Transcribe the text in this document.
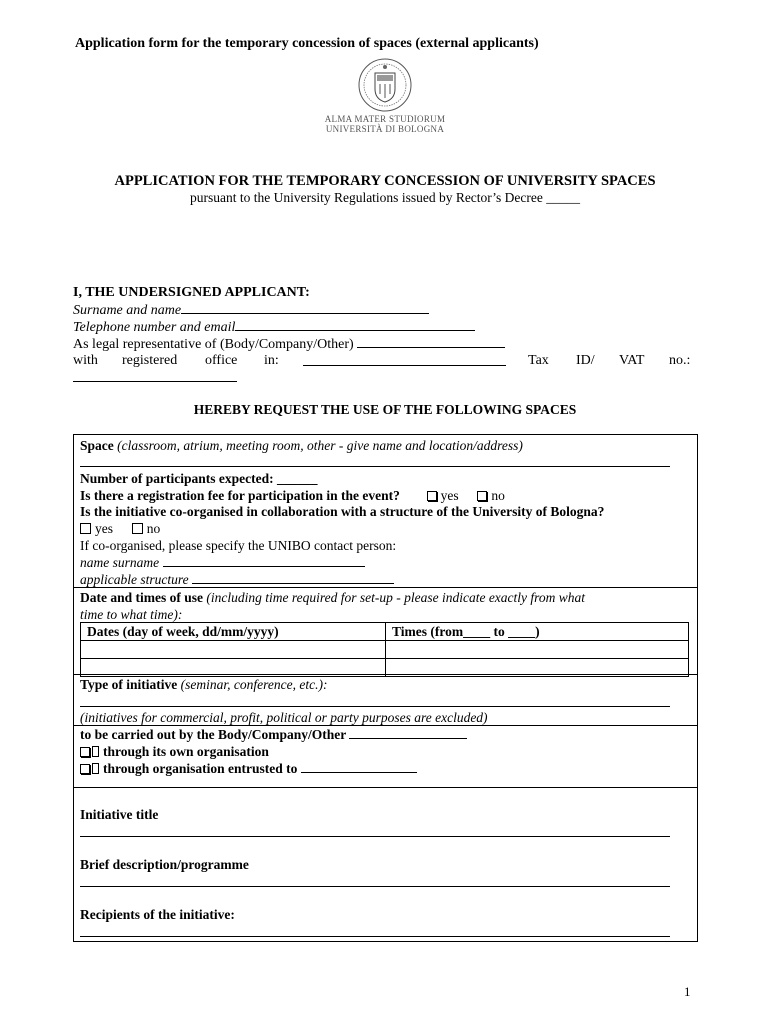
Application form for the temporary concession of spaces (external applicants)
ALMA MATER STUDIORUM
UNIVERSITÀ DI BOLOGNA
APPLICATION FOR THE TEMPORARY CONCESSION OF UNIVERSITY SPACES
pursuant to the University Regulations issued by Rector’s Decree _____
I, THE UNDERSIGNED APPLICANT:
Surname and name
Telephone number and email
As legal representative of (Body/Company/Other)
with registered office in:	Tax ID/ VAT no.:
HEREBY REQUEST THE USE OF THE FOLLOWING SPACES
Space (classroom, atrium, meeting room, other - give name and location/address)
Number of participants expected: ______
Is there a registration fee for participation in the event?	yes no
Is the initiative co-organised in collaboration with a structure of the University of Bologna?
yes	no
If co-organised, please specify the UNIBO contact person:
name surname
applicable structure
Date and times of use (including time required for set-up - please indicate exactly from what
time to what time):
Dates (day of week, dd/mm/yyyy)	Times (from____ to ____)

Type of initiative (seminar, conference, etc.):
(initiatives for commercial, profit, political or party purposes are excluded)
to be carried out by the Body/Company/Other
through its own organisation
through organisation entrusted to
Initiative title
Brief description/programme
Recipients of the initiative:
1
